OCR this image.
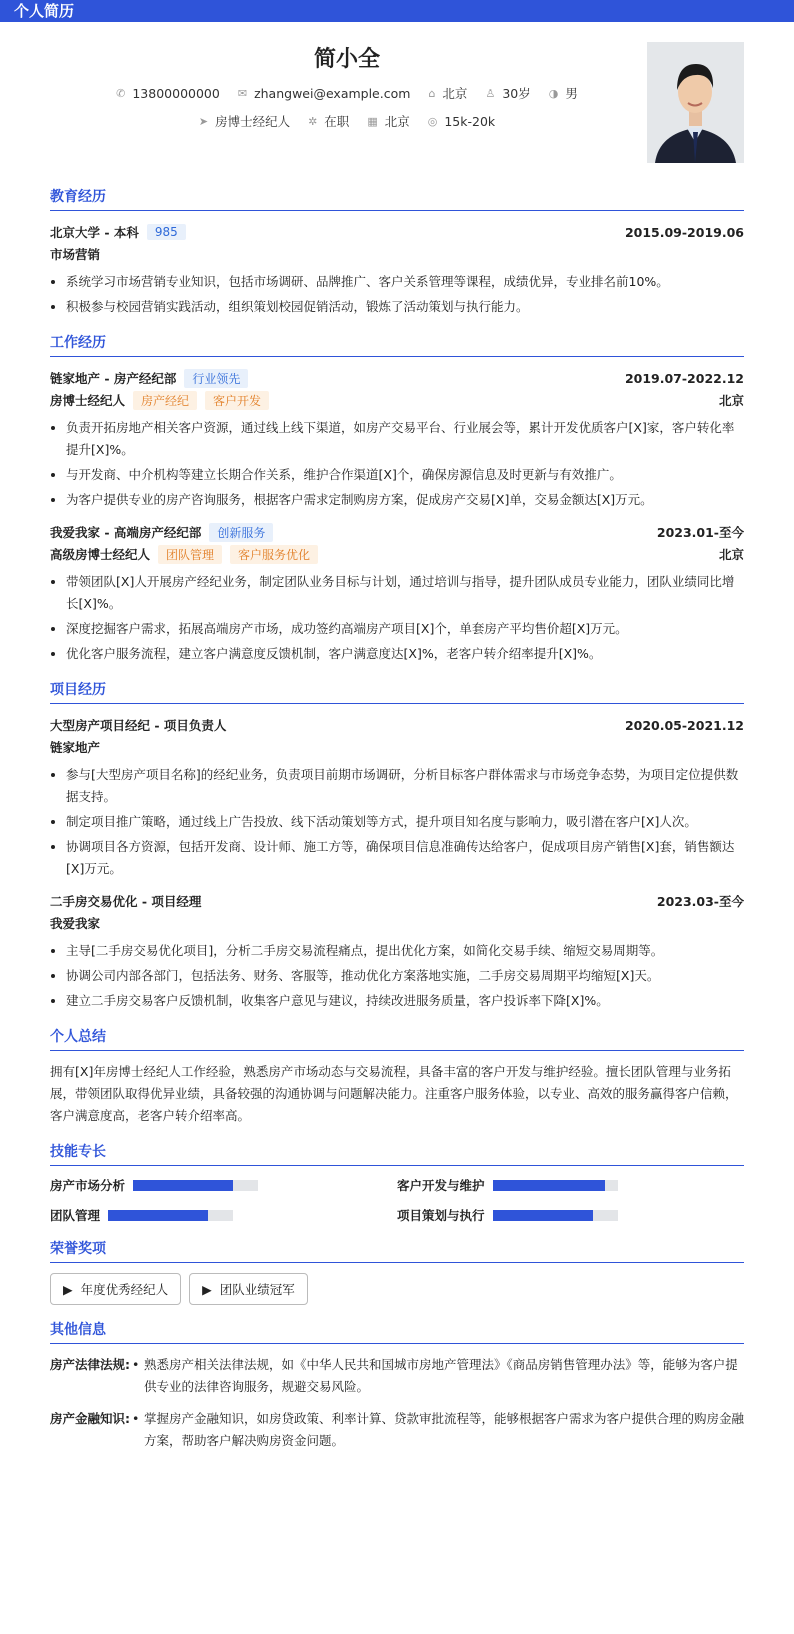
个人简历
简小全
✆ 13800000000 ✉ zhangwei@example.com ⌂ 北京 ♙ 30岁 ◑ 男
➤ 房博士经纪人 ✲ 在职 ▦ 北京 ◎ 15k-20k
教育经历
北京大学 - 本科	985	2015.09-2019.06
市场营销
• 系统学习市场营销专业知识，包括市场调研、品牌推广、客户关系管理等课程，成绩优异，专业排名前10%。
• 积极参与校园营销实践活动，组织策划校园促销活动，锻炼了活动策划与执行能力。
工作经历
链家地产 - 房产经纪部	行业领先	2019.07-2022.12
房博士经纪人	房产经纪	客户开发	北京
• 负责开拓房地产相关客户资源，通过线上线下渠道，如房产交易平台、行业展会等，累计开发优质客户[X]家，客户转化率提升[X]%。
• 与开发商、中介机构等建立长期合作关系，维护合作渠道[X]个，确保房源信息及时更新与有效推广。
• 为客户提供专业的房产咨询服务，根据客户需求定制购房方案，促成房产交易[X]单，交易金额达[X]万元。
我爱我家 - 高端房产经纪部	创新服务	2023.01-至今
高级房博士经纪人	团队管理	客户服务优化	北京
• 带领团队[X]人开展房产经纪业务，制定团队业务目标与计划，通过培训与指导，提升团队成员专业能力，团队业绩同比增长[X]%。
• 深度挖掘客户需求，拓展高端房产市场，成功签约高端房产项目[X]个，单套房产平均售价超[X]万元。
• 优化客户服务流程，建立客户满意度反馈机制，客户满意度达[X]%，老客户转介绍率提升[X]%。
项目经历
大型房产项目经纪 - 项目负责人	2020.05-2021.12
链家地产
• 参与[大型房产项目名称]的经纪业务，负责项目前期市场调研，分析目标客户群体需求与市场竞争态势，为项目定位提供数据支持。
• 制定项目推广策略，通过线上广告投放、线下活动策划等方式，提升项目知名度与影响力，吸引潜在客户[X]人次。
• 协调项目各方资源，包括开发商、设计师、施工方等，确保项目信息准确传达给客户，促成项目房产销售[X]套，销售额达[X]万元。
二手房交易优化 - 项目经理	2023.03-至今
我爱我家
• 主导[二手房交易优化项目]，分析二手房交易流程痛点，提出优化方案，如简化交易手续、缩短交易周期等。
• 协调公司内部各部门，包括法务、财务、客服等，推动优化方案落地实施，二手房交易周期平均缩短[X]天。
• 建立二手房交易客户反馈机制，收集客户意见与建议，持续改进服务质量，客户投诉率下降[X]%。
个人总结

拥有[X]年房博士经纪人工作经验，熟悉房产市场动态与交易流程，具备丰富的客户开发与维护经验。擅长团队管理与业务拓展，带领团队取得优异业绩，具备较强的沟通协调与问题解决能力。注重客户服务体验，以专业、高效的服务赢得客户信赖，客户满意度高，老客户转介绍率高。

技能专长
房产市场分析	客户开发与维护
团队管理	项目策划与执行
荣誉奖项
▶ 年度优秀经纪人	▶ 团队业绩冠军
其他信息
房产法律法规:	• 熟悉房产相关法律法规，如《中华人民共和国城市房地产管理法》《商品房销售管理办法》等，能够为客户提供专业的法律咨询服务，规避交易风险。
房产金融知识:	• 掌握房产金融知识，如房贷政策、利率计算、贷款审批流程等，能够根据客户需求为客户提供合理的购房金融方案，帮助客户解决购房资金问题。
